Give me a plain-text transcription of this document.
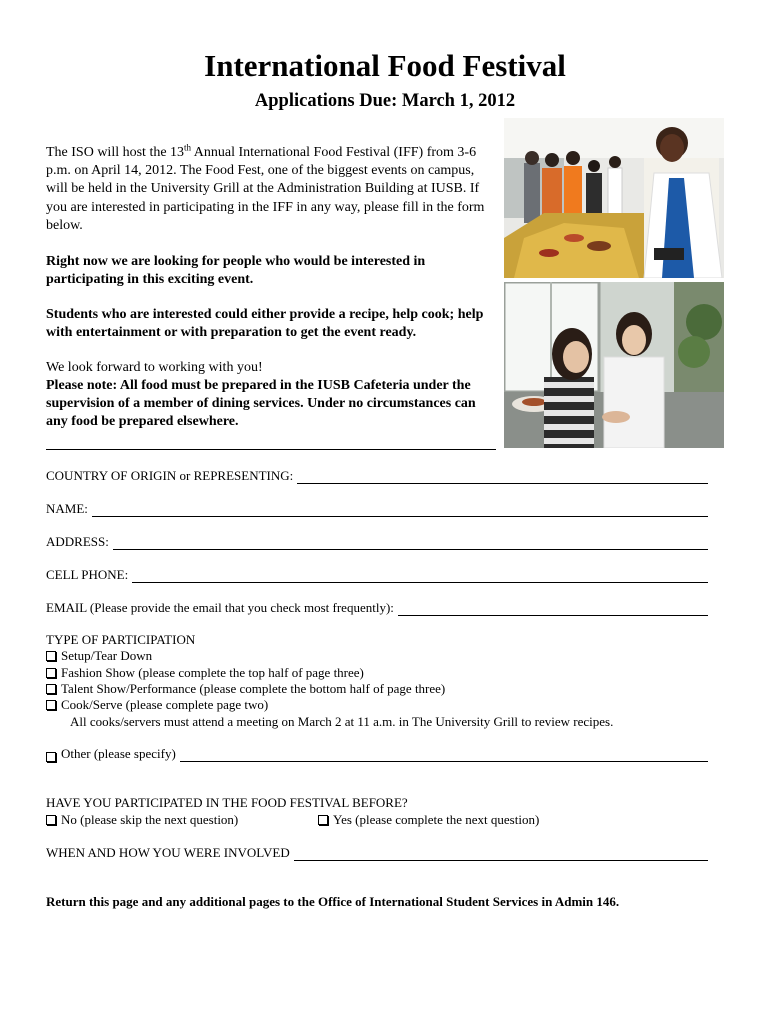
International Food Festival
Applications Due: March 1, 2012
The ISO will host the 13th Annual International Food Festival (IFF) from 3-6 p.m. on April 14, 2012. The Food Fest, one of the biggest events on campus, will be held in the University Grill at the Administration Building at IUSB. If you are interested in participating in the IFF in any way, please fill in the form below.
Right now we are looking for people who would be interested in participating in this exciting event.
Students who are interested could either provide a recipe, help cook; help with entertainment or with preparation to get the event ready.
We look forward to working with you!
Please note: All food must be prepared in the IUSB Cafeteria under the supervision of a member of dining services. Under no circumstances can any food be prepared elsewhere.
COUNTRY OF ORIGIN or REPRESENTING:
NAME:
ADDRESS:
CELL PHONE:
EMAIL (Please provide the email that you check most frequently):
TYPE OF PARTICIPATION
Setup/Tear Down
Fashion Show (please complete the top half of page three)
Talent Show/Performance (please complete the bottom half of page three)
Cook/Serve (please complete page two)
All cooks/servers must attend a meeting on March 2 at 11 a.m. in The University Grill to review recipes.
Other (please specify)
HAVE YOU PARTICIPATED IN THE FOOD FESTIVAL BEFORE?
No (please skip the next question)	Yes (please complete the next question)
WHEN AND HOW YOU WERE INVOLVED
Return this page and any additional pages to the Office of International Student Services in Admin 146.
